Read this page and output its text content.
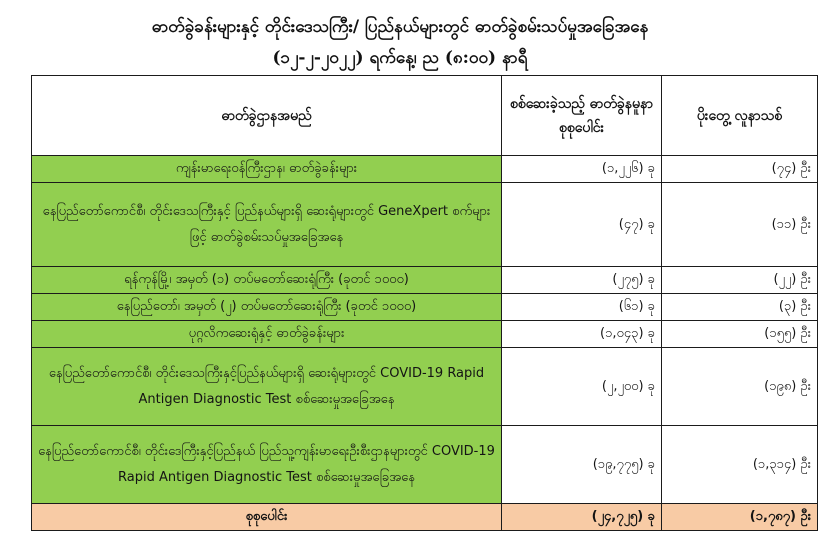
ဓာတ်ခွဲခန်းများနှင့် တိုင်းဒေသကြီး/ ပြည်နယ်များတွင် ဓာတ်ခွဲစမ်းသပ်မှုအခြေအနေ
(၁၂-၂-၂၀၂၂) ရက်နေ့၊ ည (၈:၀၀) နာရီ
ဓာတ်ခွဲဌာနအမည်	စစ်ဆေးခဲ့သည့် ဓာတ်ခွဲနမူနာ စုစုပေါင်း	ပိုးတွေ့ လူနာသစ်
ကျန်းမာရေးဝန်ကြီးဌာန၊ ဓာတ်ခွဲခန်းများ	(၁,၂၂၆) ခု	(၇၄) ဦး
နေပြည်တော်ကောင်စီ၊ တိုင်းဒေသကြီးနှင့် ပြည်နယ်များရှိ ဆေးရုံများတွင် GeneXpert စက်များဖြင့် ဓာတ်ခွဲစမ်းသပ်မှုအခြေအနေ	(၄၇) ခု	(၁၁) ဦး
ရန်ကုန်မြို့၊ အမှတ် (၁) တပ်မတော်ဆေးရုံကြီး (ခုတင် ၁၀၀၀)	(၂၇၅) ခု	(၂၂) ဦး
နေပြည်တော်၊ အမှတ် (၂) တပ်မတော်ဆေးရုံကြီး (ခုတင် ၁၀၀၀)	(၆၁) ခု	(၃) ဦး
ပုဂ္ဂလိကဆေးရုံနှင့် ဓာတ်ခွဲခန်းများ	(၁,၀၄၃) ခု	(၁၅၅) ဦး
နေပြည်တော်ကောင်စီ၊ တိုင်းဒေသကြီးနှင့်ပြည်နယ်များရှိ ဆေးရုံများတွင် COVID-19 Rapid Antigen Diagnostic Test စစ်ဆေးမှုအခြေအနေ	(၂,၂၀၀) ခု	(၁၉၈) ဦး
နေပြည်တော်ကောင်စီ၊ တိုင်းဒေကြီးနှင့်ပြည်နယ် ပြည်သူ့ကျန်းမာရေးဦးစီးဌာနများတွင် COVID-19 Rapid Antigen Diagnostic Test စစ်ဆေးမှုအခြေအနေ	(၁၉,၇၇၅) ခု	(၁,၃၁၄) ဦး
စုစုပေါင်း	(၂၄,၇၂၅) ခု	(၁,၇၈၇) ဦး
